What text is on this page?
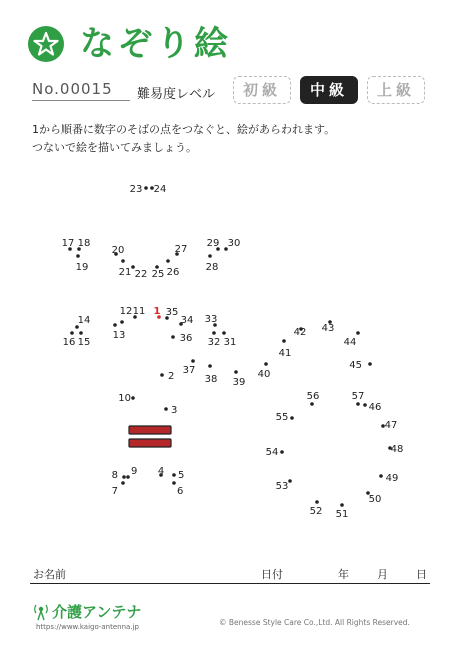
なぞり絵
No.00015 難易度レベル	初級	中級	上級
1から順番に数字のそばの点をつなぐと、絵があらわれます。
つないで絵を描いてみましょう。
1
2
3
4 5
6
7
8 9
10
11
12
13
14
15
16
17 18
19
20
21 22
23 24
25 26
27
28
29 30
31
32
33
34
35
36
37
38 39
40
41
42 43
44
45
46
47
48
49
50
51
52
53
54
55
56	57
お名前	日付	年	月	日
介護アンテナ
https://www.kaigo-antenna.jp	© Benesse Style Care Co.,Ltd. All Rights Reserved.
